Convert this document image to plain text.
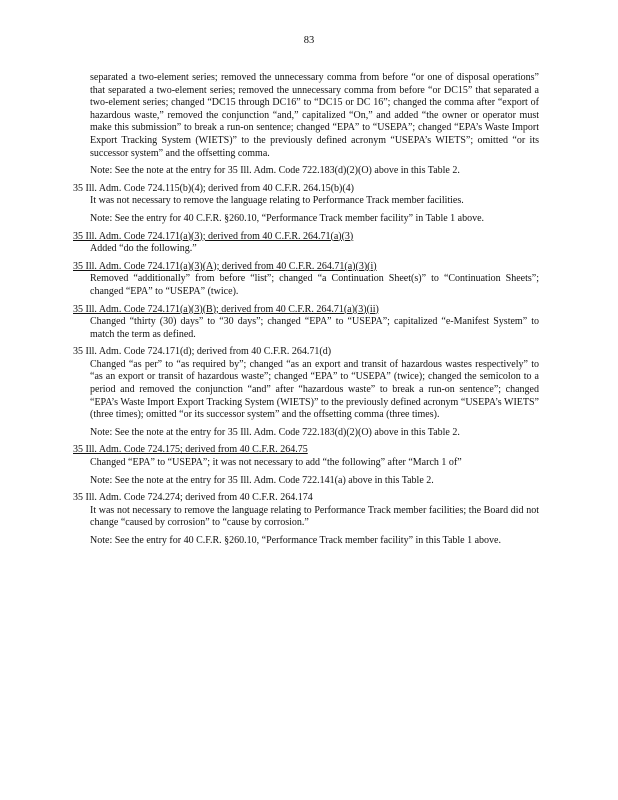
83

separated a two-element series; removed the unnecessary comma from before “or one of disposal operations” that separated a two-element series; removed the unnecessary comma from before “or DC15” that separated a two-element series; changed “DC15 through DC16” to “DC15 or DC 16”; changed the comma after “export of hazardous waste,” removed the conjunction “and,” capitalized “On,” and added “the owner or operator must make this submission” to break a run-on sentence; changed “EPA” to “USEPA”; changed “EPA’s Waste Import Export Tracking System (WIETS)” to the previously defined acronym “USEPA’s WIETS”; omitted “or its successor system” and the offsetting comma.

Note: See the note at the entry for 35 Ill. Adm. Code 722.183(d)(2)(O) above in this Table 2.

35 Ill. Adm. Code 724.115(b)(4); derived from 40 C.F.R. 264.15(b)(4)

It was not necessary to remove the language relating to Performance Track member facilities.

Note: See the entry for 40 C.F.R. §260.10, “Performance Track member facility” in Table 1 above.

35 Ill. Adm. Code 724.171(a)(3); derived from 40 C.F.R. 264.71(a)(3)

Added “do the following.”

35 Ill. Adm. Code 724.171(a)(3)(A); derived from 40 C.F.R. 264.71(a)(3)(i)

Removed “additionally” from before “list”; changed “a Continuation Sheet(s)” to “Continuation Sheets”; changed “EPA” to “USEPA” (twice).

35 Ill. Adm. Code 724.171(a)(3)(B); derived from 40 C.F.R. 264.71(a)(3)(ii)

Changed “thirty (30) days” to “30 days”; changed “EPA” to “USEPA”; capitalized “e-Manifest System” to match the term as defined.

35 Ill. Adm. Code 724.171(d); derived from 40 C.F.R. 264.71(d)

Changed “as per” to “as required by”; changed “as an export and transit of hazardous wastes respectively” to “as an export or transit of hazardous waste”; changed “EPA” to “USEPA” (twice); changed the semicolon to a period and removed the conjunction “and” after “hazardous waste” to break a run-on sentence”; changed “EPA’s Waste Import Export Tracking System (WIETS)” to the previously defined acronym “USEPA’s WIETS” (three times); omitted “or its successor system” and the offsetting comma (three times).

Note: See the note at the entry for 35 Ill. Adm. Code 722.183(d)(2)(O) above in this Table 2.

35 Ill. Adm. Code 724.175; derived from 40 C.F.R. 264.75

Changed “EPA” to “USEPA”; it was not necessary to add “the following” after “March 1 of”

Note: See the note at the entry for 35 Ill. Adm. Code 722.141(a) above in this Table 2.

35 Ill. Adm. Code 724.274; derived from 40 C.F.R. 264.174

It was not necessary to remove the language relating to Performance Track member facilities; the Board did not change “caused by corrosion” to “cause by corrosion.”

Note: See the entry for 40 C.F.R. §260.10, “Performance Track member facility” in this Table 1 above.
